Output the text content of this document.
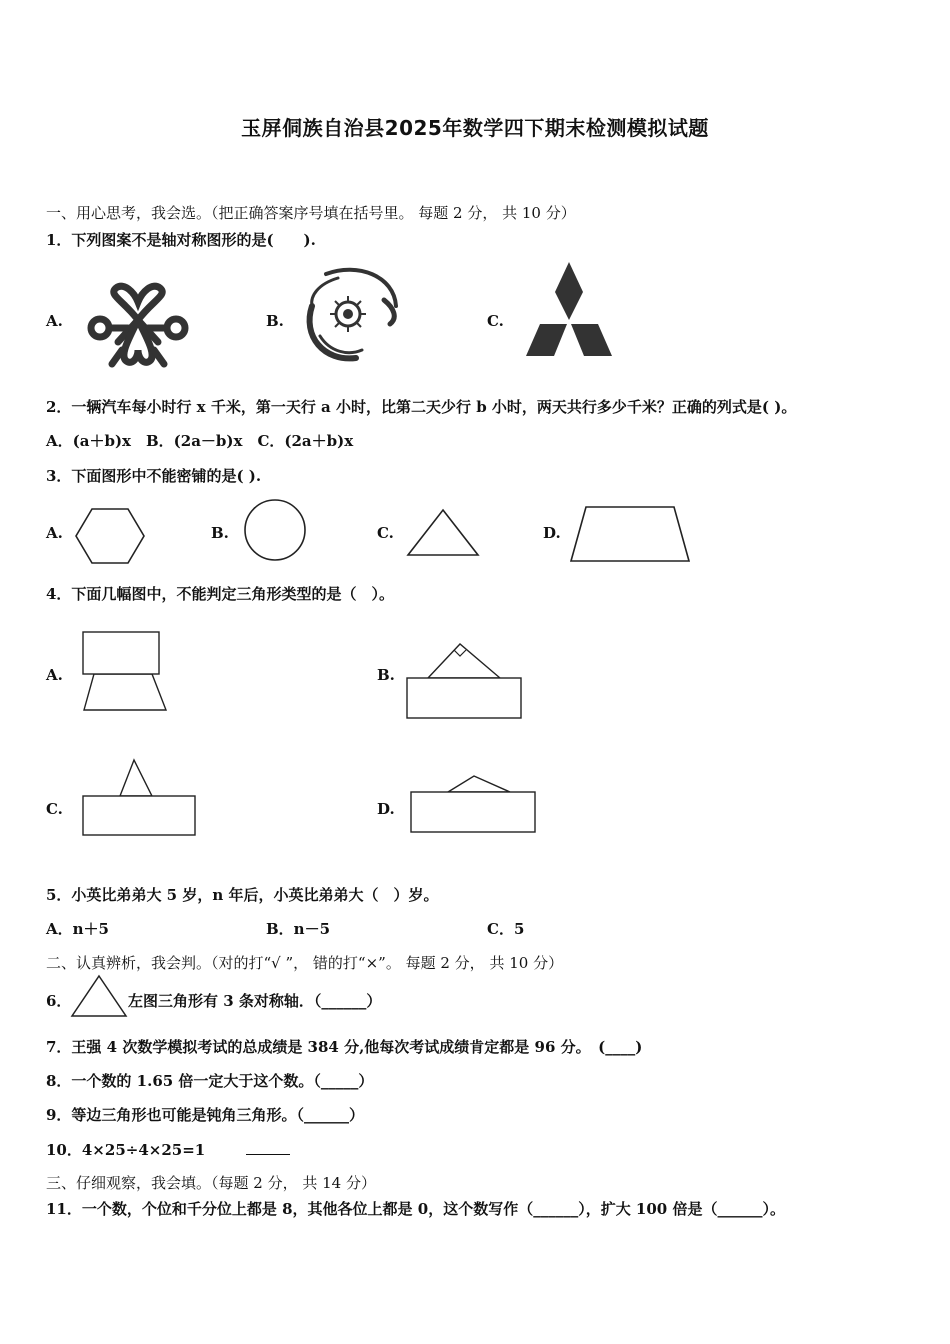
玉屏侗族自治县2025年数学四下期末检测模拟试题
一、用心思考，我会选。（把正确答案序号填在括号里。 每题 2 分， 共 10 分）
1．下列图案不是轴对称图形的是(　　).
A.	B.	C.
2．一辆汽车每小时行 x 千米，第一天行 a 小时，比第二天少行 b 小时，两天共行多少千米？正确的列式是( )。
A．(a＋b)x　B．(2a－b)x　C．(2a＋b)x
3．下面图形中不能密铺的是( ).
A.	B.	C.	D.
4．下面几幅图中，不能判定三角形类型的是（　）。
A.	B.
C.	D.
5．小英比弟弟大 5 岁，n 年后，小英比弟弟大（　）岁。
A．n＋5	B．n－5	C．5
二、认真辨析，我会判。（对的打“√ ”， 错的打“×”。 每题 2 分， 共 10 分）
6．	左图三角形有 3 条对称轴．（______）
7．王强 4 次数学模拟考试的总成绩是 384 分,他每次考试成绩肯定都是 96 分。　(____)
8．一个数的 1.65 倍一定大于这个数。（_____）
9．等边三角形也可能是钝角三角形。（______）
10．4×25÷4×25=1
三、仔细观察，我会填。（每题 2 分， 共 14 分）
11．一个数，个位和千分位上都是 8，其他各位上都是 0，这个数写作（______），扩大 100 倍是（______）。
